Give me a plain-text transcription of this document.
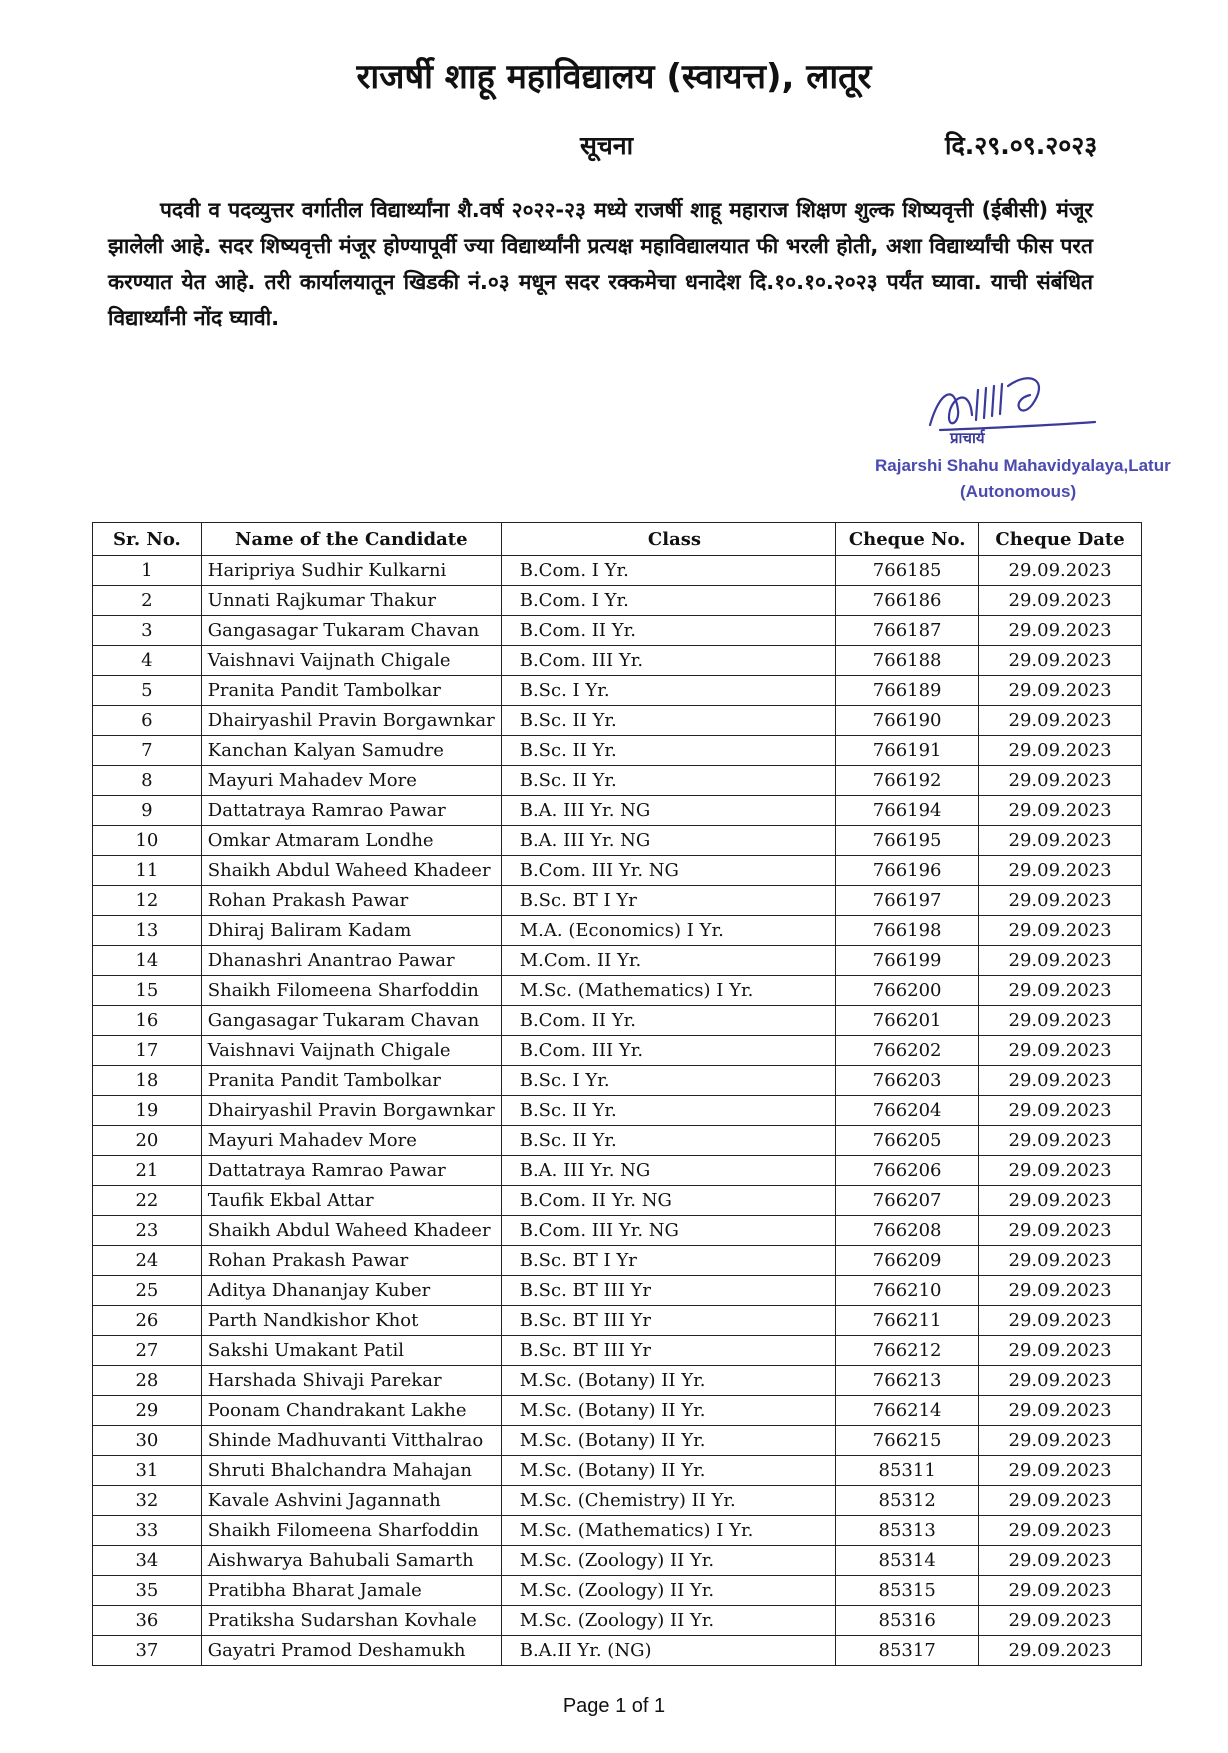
राजर्षी शाहू महाविद्यालय (स्वायत्त), लातूर
सूचना	दि.२९.०९.२०२३
पदवी व पदव्युत्तर वर्गातील विद्यार्थ्यांना शै.वर्ष २०२२-२३ मध्ये राजर्षी शाहू महाराज शिक्षण शुल्क शिष्यवृत्ती (ईबीसी) मंजूर झालेली आहे. सदर शिष्यवृत्ती मंजूर होण्यापूर्वी ज्या विद्यार्थ्यांनी प्रत्यक्ष महाविद्यालयात फी भरली होती, अशा विद्यार्थ्यांची फीस परत करण्यात येत आहे. तरी कार्यालयातून खिडकी नं.०३ मधून सदर रक्कमेचा धनादेश दि.१०.१०.२०२३ पर्यंत घ्यावा. याची संबंधित विद्यार्थ्यांनी नोंद घ्यावी.
प्राचार्य
Rajarshi Shahu Mahavidyalaya,Latur
(Autonomous)
Sr. No.	Name of the Candidate	Class	Cheque No.	Cheque Date
1	Haripriya Sudhir Kulkarni	B.Com. I Yr.	766185	29.09.2023
2	Unnati Rajkumar Thakur	B.Com. I Yr.	766186	29.09.2023
3	Gangasagar Tukaram Chavan	B.Com. II Yr.	766187	29.09.2023
4	Vaishnavi Vaijnath Chigale	B.Com. III Yr.	766188	29.09.2023
5	Pranita Pandit Tambolkar	B.Sc. I Yr.	766189	29.09.2023
6	Dhairyashil Pravin Borgawnkar	B.Sc. II Yr.	766190	29.09.2023
7	Kanchan Kalyan Samudre	B.Sc. II Yr.	766191	29.09.2023
8	Mayuri Mahadev More	B.Sc. II Yr.	766192	29.09.2023
9	Dattatraya Ramrao Pawar	B.A. III Yr. NG	766194	29.09.2023
10	Omkar Atmaram Londhe	B.A. III Yr. NG	766195	29.09.2023
11	Shaikh Abdul Waheed Khadeer	B.Com. III Yr. NG	766196	29.09.2023
12	Rohan Prakash Pawar	B.Sc. BT I Yr	766197	29.09.2023
13	Dhiraj Baliram Kadam	M.A. (Economics) I Yr.	766198	29.09.2023
14	Dhanashri Anantrao Pawar	M.Com. II Yr.	766199	29.09.2023
15	Shaikh Filomeena Sharfoddin	M.Sc. (Mathematics) I Yr.	766200	29.09.2023
16	Gangasagar Tukaram Chavan	B.Com. II Yr.	766201	29.09.2023
17	Vaishnavi Vaijnath Chigale	B.Com. III Yr.	766202	29.09.2023
18	Pranita Pandit Tambolkar	B.Sc. I Yr.	766203	29.09.2023
19	Dhairyashil Pravin Borgawnkar	B.Sc. II Yr.	766204	29.09.2023
20	Mayuri Mahadev More	B.Sc. II Yr.	766205	29.09.2023
21	Dattatraya Ramrao Pawar	B.A. III Yr. NG	766206	29.09.2023
22	Taufik Ekbal Attar	B.Com. II Yr. NG	766207	29.09.2023
23	Shaikh Abdul Waheed Khadeer	B.Com. III Yr. NG	766208	29.09.2023
24	Rohan Prakash Pawar	B.Sc. BT I Yr	766209	29.09.2023
25	Aditya Dhananjay Kuber	B.Sc. BT III Yr	766210	29.09.2023
26	Parth Nandkishor Khot	B.Sc. BT III Yr	766211	29.09.2023
27	Sakshi Umakant Patil	B.Sc. BT III Yr	766212	29.09.2023
28	Harshada Shivaji Parekar	M.Sc. (Botany) II Yr.	766213	29.09.2023
29	Poonam Chandrakant Lakhe	M.Sc. (Botany) II Yr.	766214	29.09.2023
30	Shinde Madhuvanti Vitthalrao	M.Sc. (Botany) II Yr.	766215	29.09.2023
31	Shruti Bhalchandra Mahajan	M.Sc. (Botany) II Yr.	85311	29.09.2023
32	Kavale Ashvini Jagannath	M.Sc. (Chemistry) II Yr.	85312	29.09.2023
33	Shaikh Filomeena Sharfoddin	M.Sc. (Mathematics) I Yr.	85313	29.09.2023
34	Aishwarya Bahubali Samarth	M.Sc. (Zoology) II Yr.	85314	29.09.2023
35	Pratibha Bharat Jamale	M.Sc. (Zoology) II Yr.	85315	29.09.2023
36	Pratiksha Sudarshan Kovhale	M.Sc. (Zoology) II Yr.	85316	29.09.2023
37	Gayatri Pramod Deshamukh	B.A.II Yr. (NG)	85317	29.09.2023
Page 1 of 1
